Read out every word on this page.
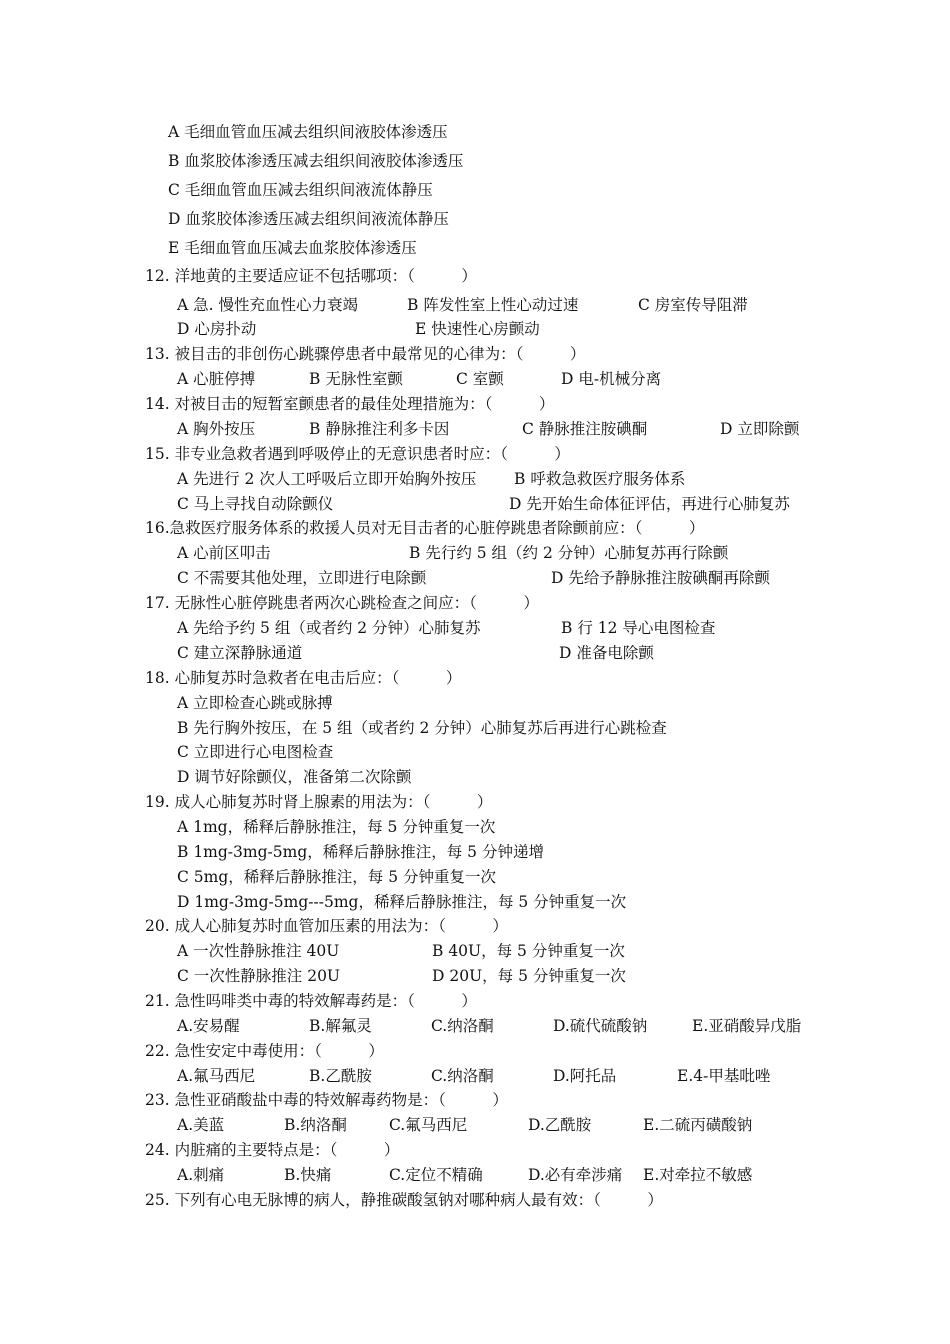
A 毛细血管血压减去组织间液胶体渗透压
B 血浆胶体渗透压减去组织间液胶体渗透压
C 毛细血管血压减去组织间液流体静压
D 血浆胶体渗透压减去组织间液流体静压
E 毛细血管血压减去血浆胶体渗透压
12. 洋地黄的主要适应证不包括哪项：（　　　）
A 急. 慢性充血性心力衰竭	B 阵发性室上性心动过速	C 房室传导阻滞
D 心房扑动	E 快速性心房颤动
13. 被目击的非创伤心跳骤停患者中最常见的心律为：（　　　）
A 心脏停搏	B 无脉性室颤	C 室颤	D 电-机械分离
14. 对被目击的短暂室颤患者的最佳处理措施为：（　　　）
A 胸外按压	B 静脉推注利多卡因	C 静脉推注胺碘酮	D 立即除颤
15. 非专业急救者遇到呼吸停止的无意识患者时应：（　　　）
A 先进行 2 次人工呼吸后立即开始胸外按压 B 呼救急救医疗服务体系
C 马上寻找自动除颤仪	D 先开始生命体征评估，再进行心肺复苏
16.急救医疗服务体系的救援人员对无目击者的心脏停跳患者除颤前应：（　　　）
A 心前区叩击	B 先行约 5 组（约 2 分钟）心肺复苏再行除颤
C 不需要其他处理，立即进行电除颤	D 先给予静脉推注胺碘酮再除颤
17. 无脉性心脏停跳患者两次心跳检查之间应：（　　　）
A 先给予约 5 组（或者约 2 分钟）心肺复苏	B 行 12 导心电图检查
C 建立深静脉通道	D 准备电除颤
18. 心肺复苏时急救者在电击后应：（　　　）
A 立即检查心跳或脉搏
B 先行胸外按压，在 5 组（或者约 2 分钟）心肺复苏后再进行心跳检查
C 立即进行心电图检查
D 调节好除颤仪，准备第二次除颤
19. 成人心肺复苏时肾上腺素的用法为：（　　　）
A 1mg，稀释后静脉推注，每 5 分钟重复一次
B 1mg-3mg-5mg，稀释后静脉推注，每 5 分钟递增
C 5mg，稀释后静脉推注，每 5 分钟重复一次
D 1mg-3mg-5mg---5mg，稀释后静脉推注，每 5 分钟重复一次
20. 成人心肺复苏时血管加压素的用法为：（　　　）
A 一次性静脉推注 40U	B 40U，每 5 分钟重复一次
C 一次性静脉推注 20U	D 20U，每 5 分钟重复一次
21. 急性吗啡类中毒的特效解毒药是：（　　　）
A.安易醒	B.解氟灵	C.纳洛酮	D.硫代硫酸钠	E.亚硝酸异戊脂
22. 急性安定中毒使用：（　　　）
A.氟马西尼	B.乙酰胺	C.纳洛酮	D.阿托品	E.4-甲基吡唑
23. 急性亚硝酸盐中毒的特效解毒药物是：（　　　）
A.美蓝	B.纳洛酮	C.氟马西尼	D.乙酰胺	E.二硫丙磺酸钠
24. 内脏痛的主要特点是：（　　　）
A.刺痛	B.快痛	C.定位不精确	D.必有牵涉痛 E.对牵拉不敏感
25. 下列有心电无脉博的病人，静推碳酸氢钠对哪种病人最有效：（　　　）
